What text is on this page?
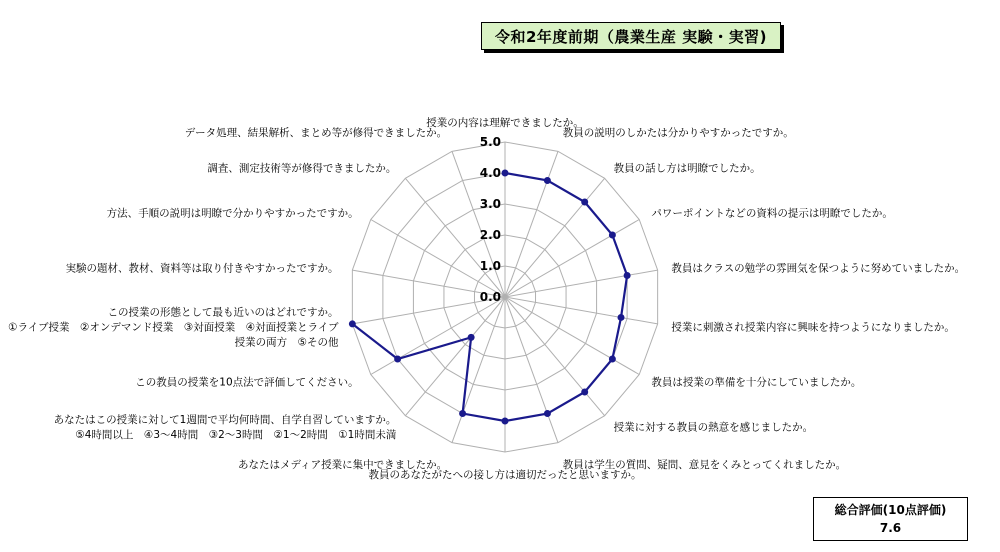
令和2年度前期（農業生産 実験・実習)
0.0
1.0
2.0
3.0
4.0
5.0
授業の内容は理解できましたか。
教員の説明のしかたは分かりやすかったですか。
教員の話し方は明瞭でしたか。
パワーポイントなどの資料の提示は明瞭でしたか。
教員はクラスの勉学の雰囲気を保つように努めていましたか。
授業に刺激され授業内容に興味を持つようになりましたか。
教員は授業の準備を十分にしていましたか。
授業に対する教員の熱意を感じましたか。
教員は学生の質問、疑問、意見をくみとってくれましたか。
教員のあなたがたへの接し方は適切だったと思いますか。
あなたはメディア授業に集中できましたか。
あなたはこの授業に対して1週間で平均何時間、自学自習していますか。 ⑤4時間以上　④3～4時間　③2～3時間　②1～2時間　①1時間未満
この教員の授業を10点法で評価してください。
この授業の形態として最も近いのはどれですか。 ①ライブ授業　②オンデマンド授業　③対面授業　④対面授業とライブ授業の両方　⑤その他
実験の題材、教材、資料等は取り付きやすかったですか。
方法、手順の説明は明瞭で分かりやすかったですか。
調査、測定技術等が修得できましたか。
データ処理、結果解析、まとめ等が修得できましたか。
総合評価(10点評価)
7.6
